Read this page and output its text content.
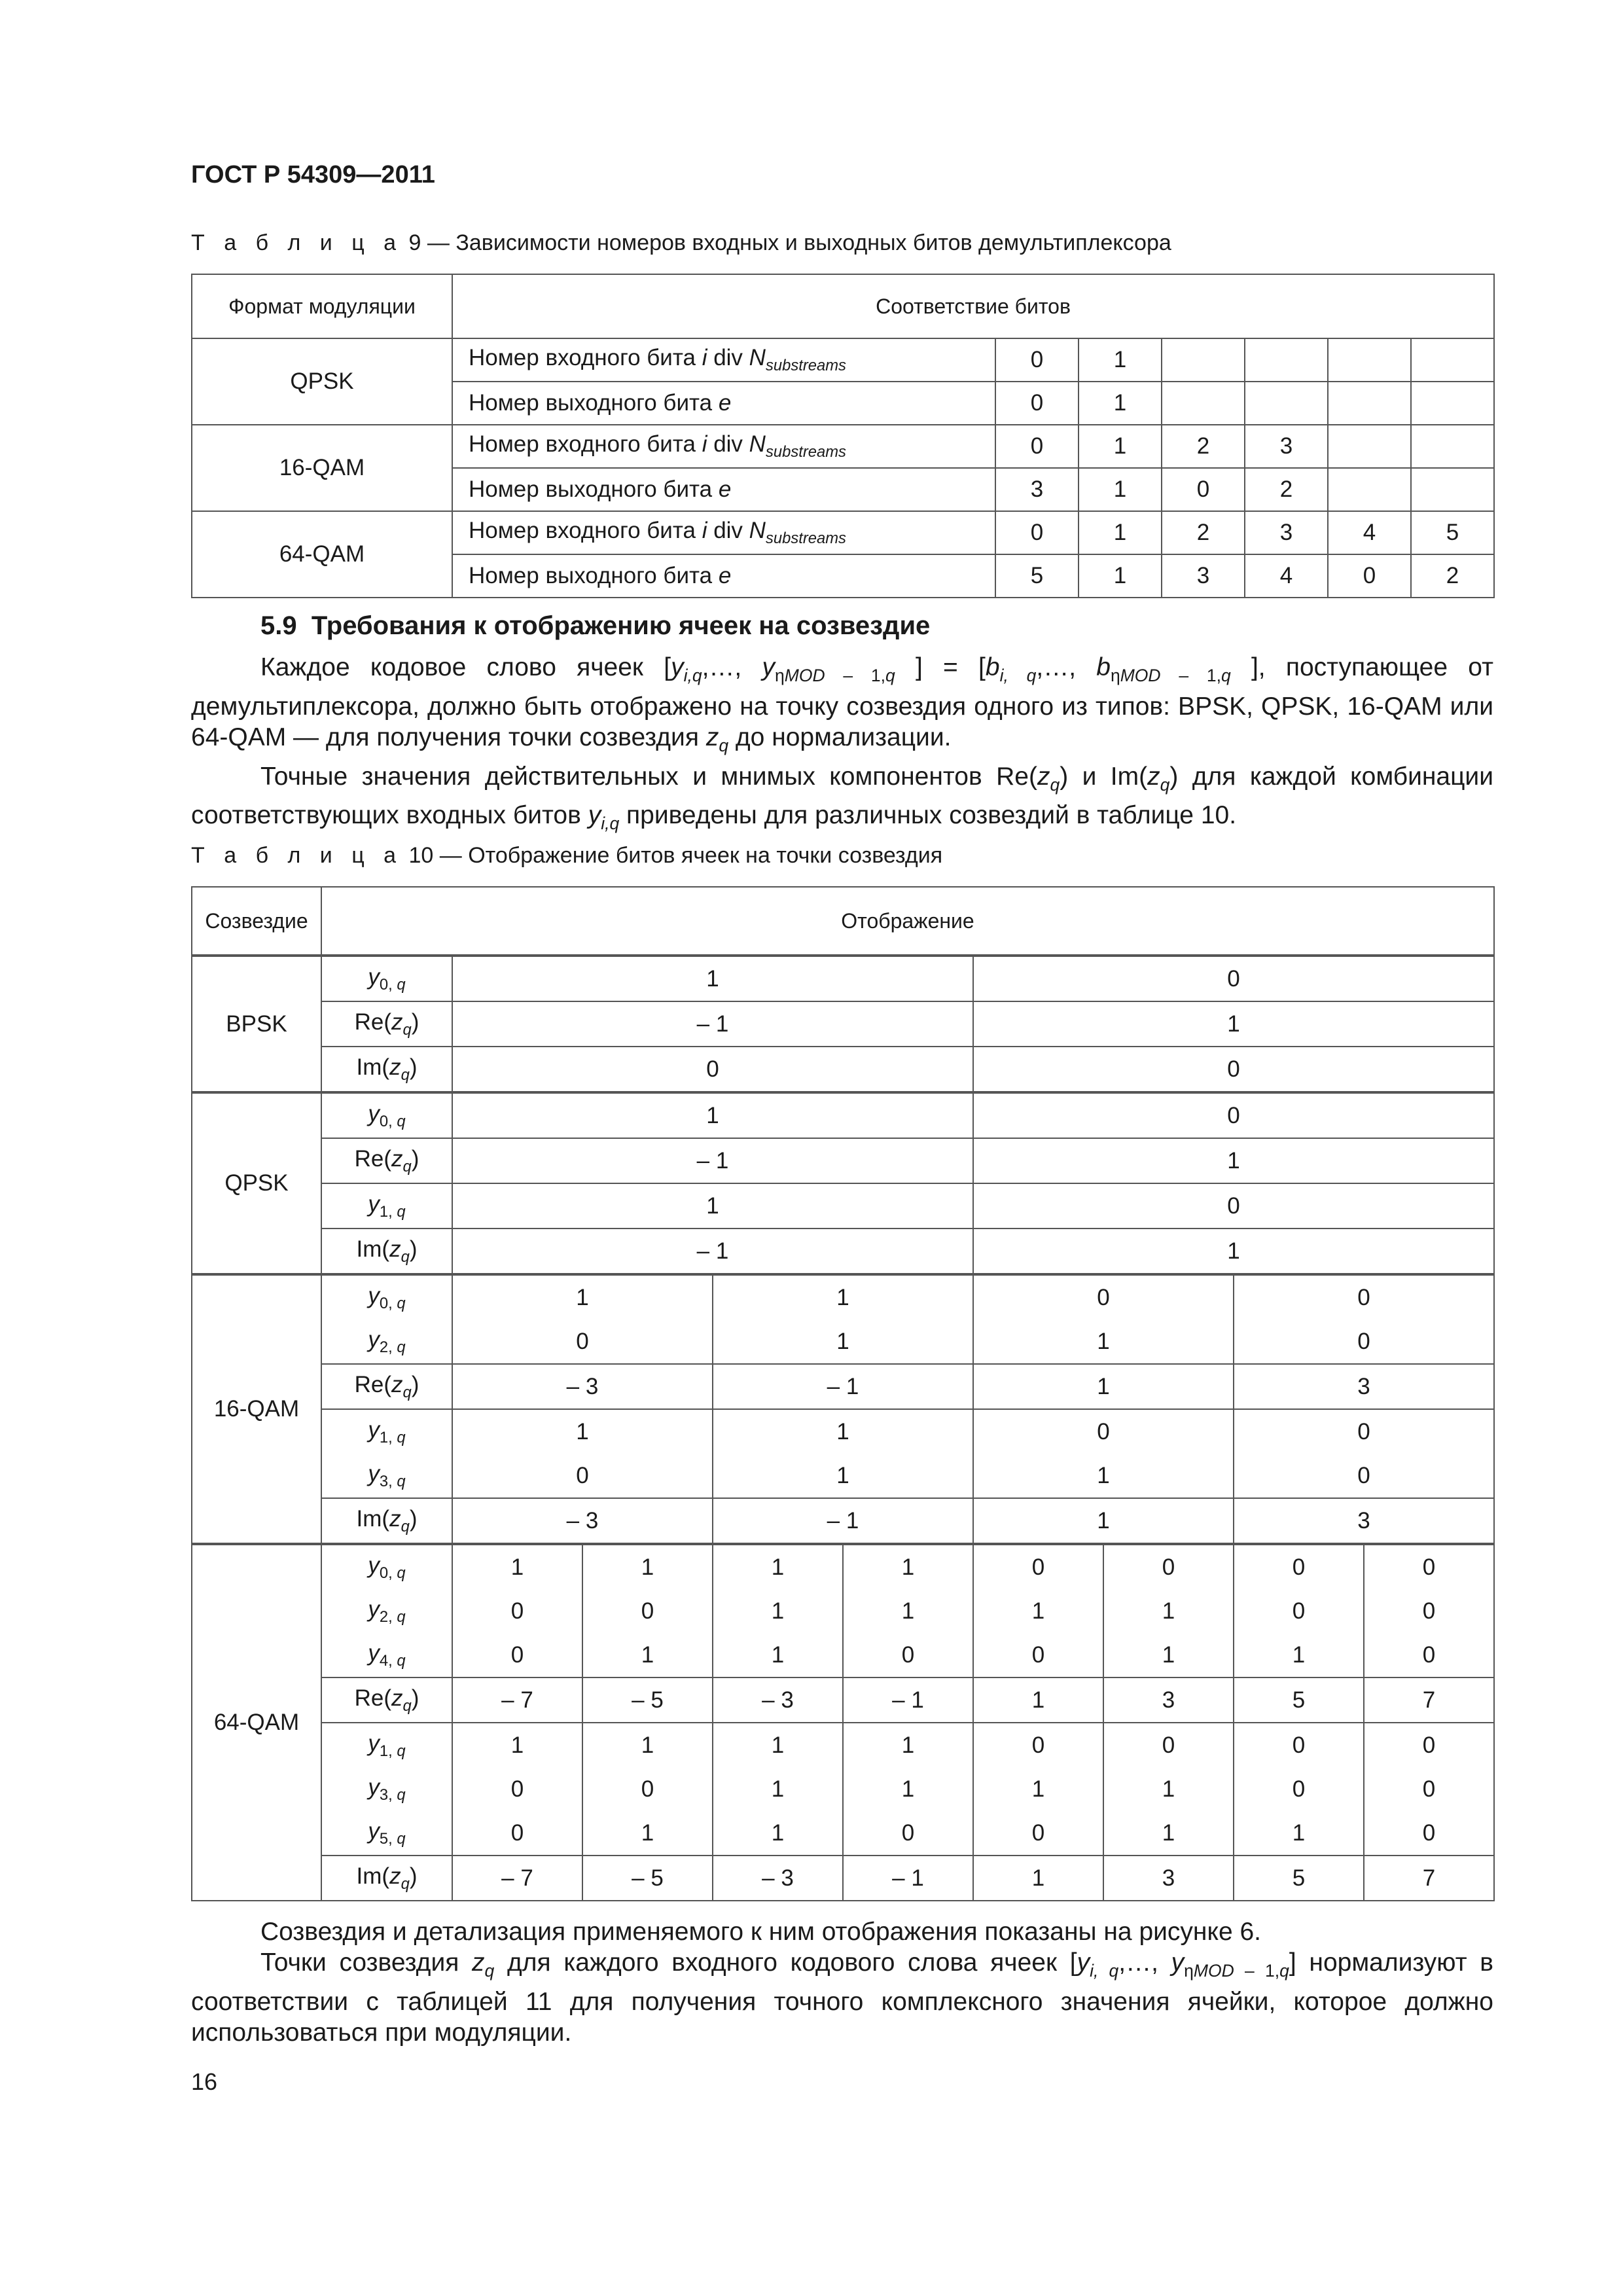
ГОСТ Р 54309—2011
Т а б л и ц а 9 — Зависимости номеров входных и выходных битов демультиплексора
Формат модуляции	Соответствие битов						
QPSK	Номер входного бита i div $N_{substreams}$	0	1				
	Номер выходного бита e	0	1				
16-QAM	Номер входного бита i div $N_{substreams}$	0	1	2	3		
	Номер выходного бита e	3	1	0	2		
64-QAM	Номер входного бита i div $N_{substreams}$	0	1	2	3	4	5
	Номер выходного бита e	5	1	3	4	0	2
5.9 Требования к отображению ячеек на созвездие

Каждое кодовое слово ячеек [$y_{i,q},\dots$, $y_{\eta MOD - 1,q}$ ] = [$b_{i, q},\dots$, $b_{\eta MOD - 1,q}$ ], поступающее от демультиплексора, должно быть отображено на точку созвездия одного из типов: BPSK, QPSK, 16-QAM или 64-QAM — для получения точки созвездия $z_q$ до нормализации.

Точные значения действительных и мнимых компонентов $Re(z_q)$ и $Im(z_q)$ для каждой комбинации соответствующих входных битов $y_{i,q}$ приведены для различных созвездий в таблице 10.

Т а б л и ц а 10 — Отображение битов ячеек на точки созвездия
Созвездие	Отображение								
BPSK	$y_{0, q}$	1				0			
	$Re(z_q)$	– 1				1			
	$Im(z_q)$	0				0			
QPSK	$y_{0, q}$	1				0			
	$Re(z_q)$	– 1				1			
	$y_{1, q}$	1				0			
	$Im(z_q)$	– 1				1			
16-QAM	$y_{0, q}$	1		1		0		0	
	$y_{2, q}$	0		1		1		0	
	$Re(z_q)$	– 3		– 1		1		3	
	$y_{1, q}$	1		1		0		0	
	$y_{3, q}$	0		1		1		0	
	$Im(z_q)$	– 3		– 1		1		3	
64-QAM	$y_{0, q}$	1	1	1	1	0	0	0	0
	$y_{2, q}$	0	0	1	1	1	1	0	0
	$y_{4, q}$	0	1	1	0	0	1	1	0
	$Re(z_q)$	– 7	– 5	– 3	– 1	1	3	5	7
	$y_{1, q}$	1	1	1	1	0	0	0	0
	$y_{3, q}$	0	0	1	1	1	1	0	0
	$y_{5, q}$	0	1	1	0	0	1	1	0
	$Im(z_q)$	– 7	– 5	– 3	– 1	1	3	5	7

Созвездия и детализация применяемого к ним отображения показаны на рисунке 6.

Точки созвездия $z_q$ для каждого входного кодового слова ячеек [$y_{i, q},\dots$, $y_{\eta MOD - 1,q}$] нормализуют в соответствии с таблицей 11 для получения точного комплексного значения ячейки, которое должно использоваться при модуляции.

16
